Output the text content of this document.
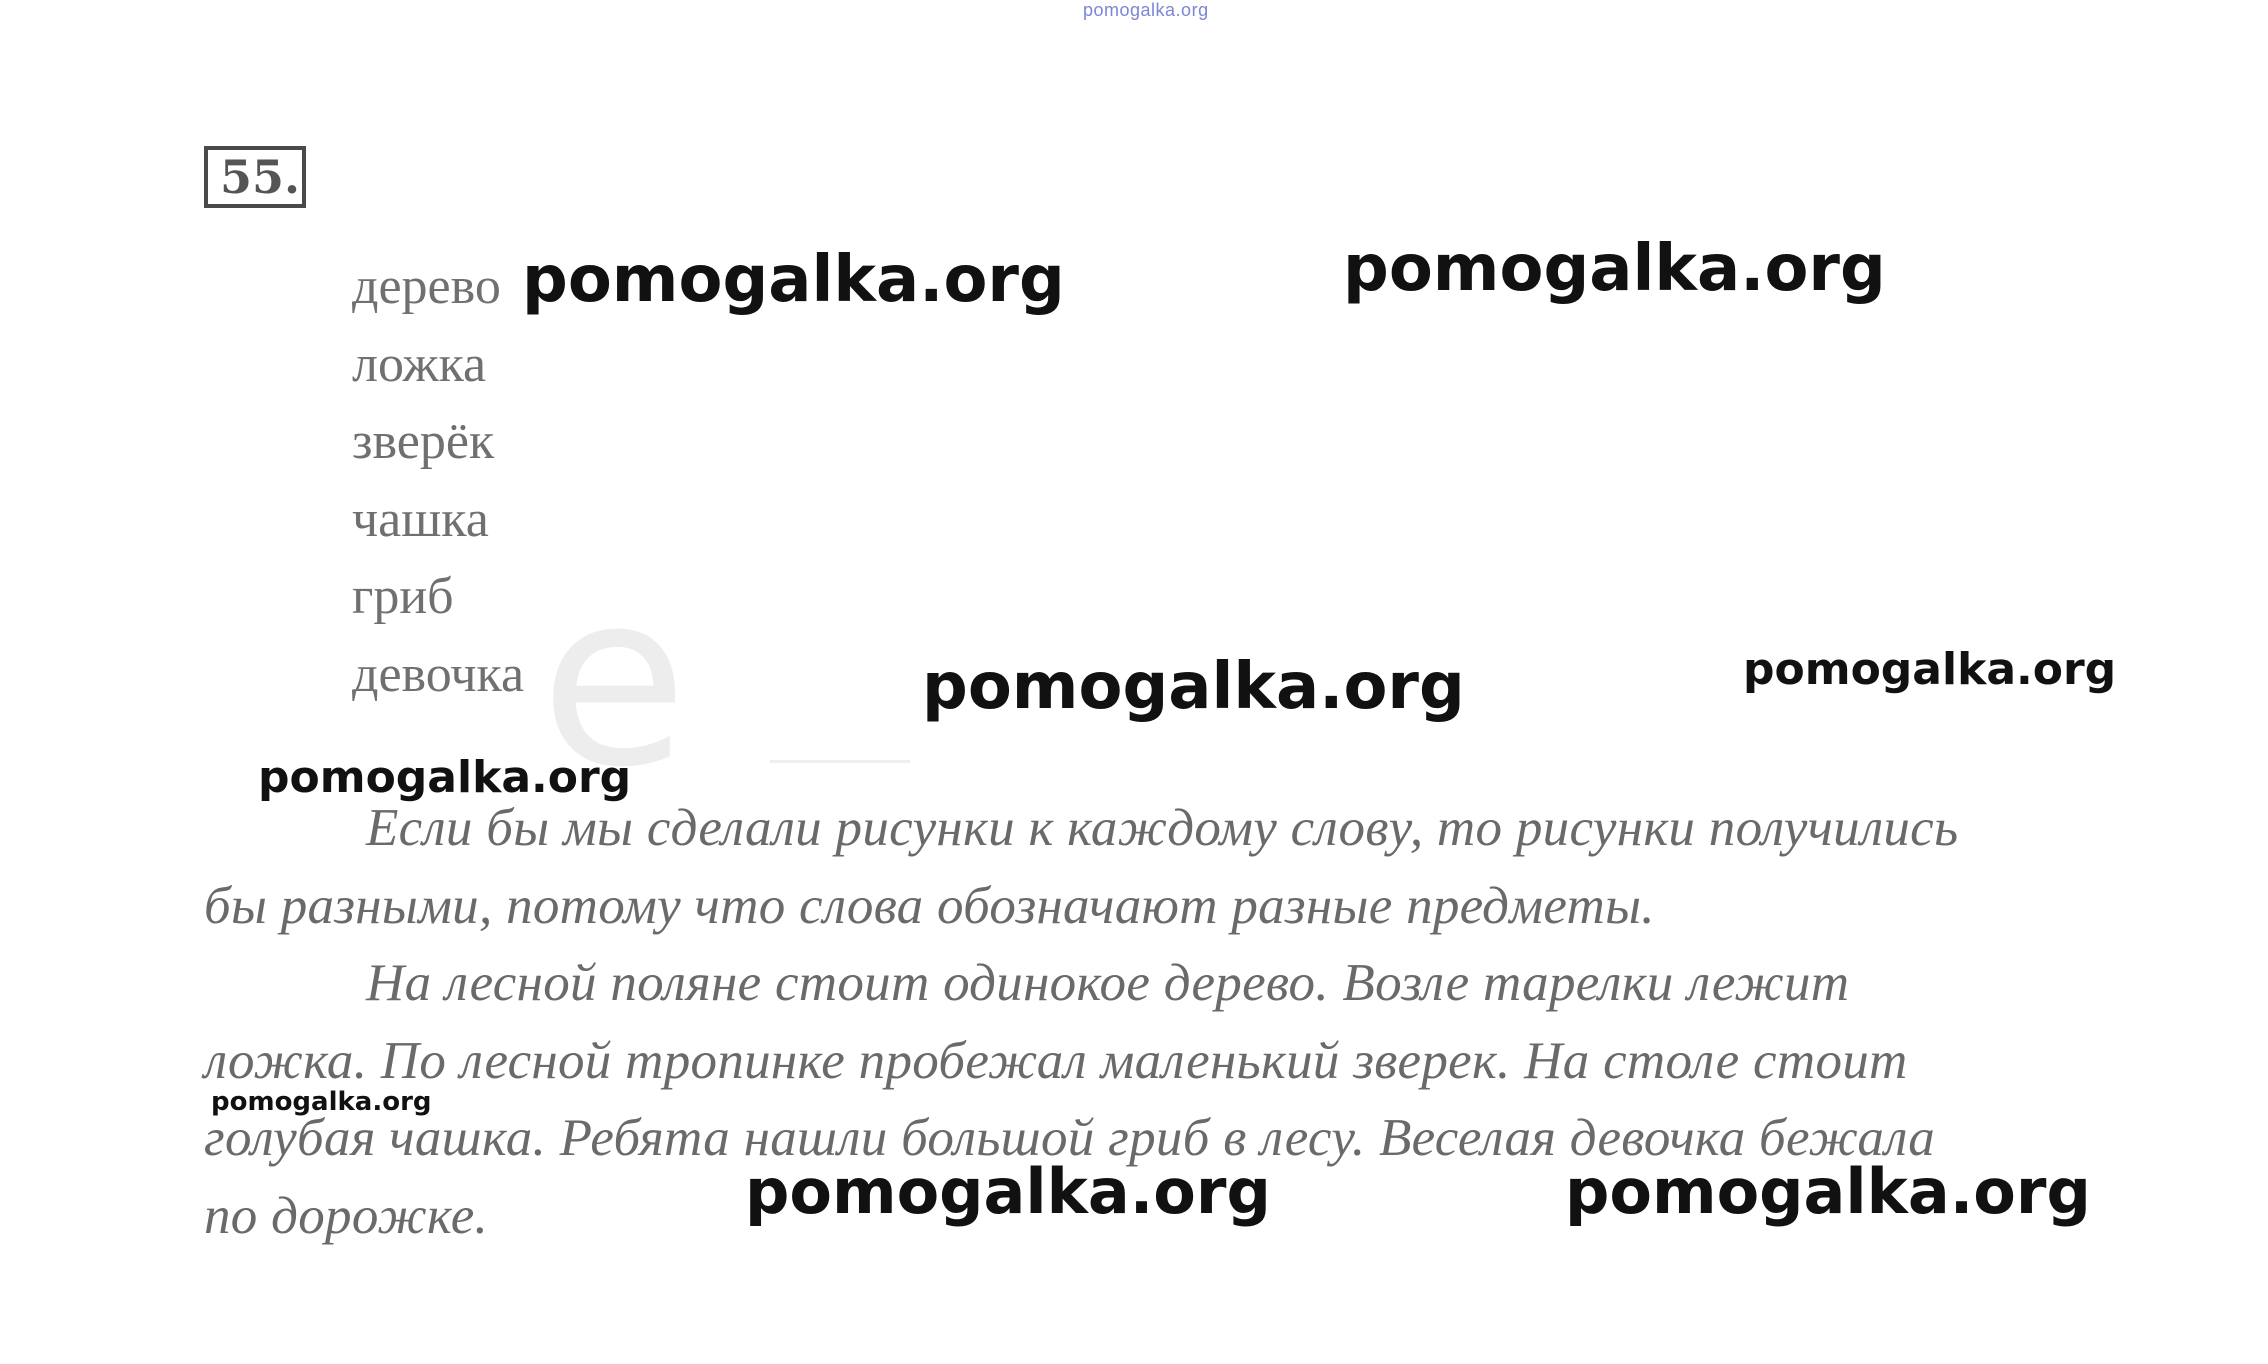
pomogalka.org
55.
е
дерево
ложка
зверёк
чашка
гриб
девочка

Если бы мы сделали рисунки к каждому слову, то рисунки получились
бы разными, потому что слова обозначают разные предметы.

На лесной поляне стоит одинокое дерево. Возле тарелки лежит
ложка. По лесной тропинке пробежал маленький зверек. На столе стоит
голубая чашка. Ребята нашли большой гриб в лесу. Веселая девочка бежала
по дорожке.

pomogalka.org	pomogalka.org
pomogalka.org	pomogalka.org
pomogalka.org
pomogalka.org
pomogalka.org	pomogalka.org
